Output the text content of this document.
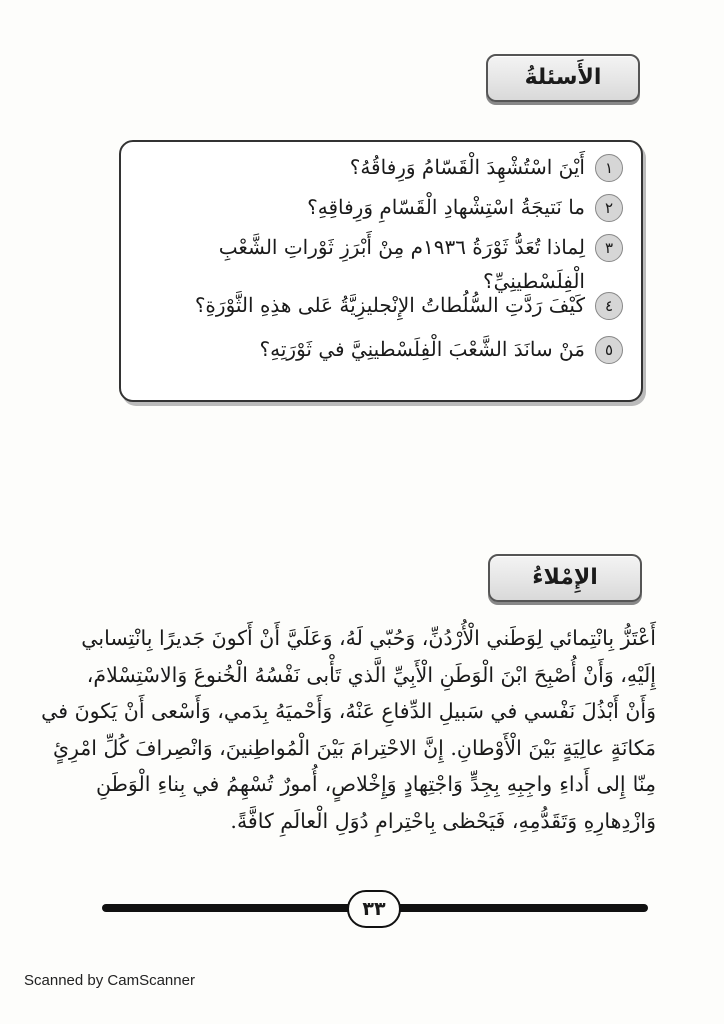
الأَسئلةُ
١
أَيْنَ اسْتُشْهِدَ الْقَسّامُ وَرِفاقُهُ؟
٢
ما نَتيجَةُ اسْتِشْهادِ الْقَسّامِ وَرِفاقِهِ؟
٣
لِماذا تُعَدُّ ثَوْرَةُ ١٩٣٦م مِنْ أَبْرَزِ ثَوْراتِ الشَّعْبِ الْفِلَسْطينِيِّ؟
٤
كَيْفَ رَدَّتِ السُّلُطاتُ الإِنْجليزِيَّةُ عَلى هذِهِ الثَّوْرَةِ؟
٥
مَنْ سانَدَ الشَّعْبَ الْفِلَسْطينِيَّ في ثَوْرَتِهِ؟
الإِمْلاءُ
أَعْتَزُّ بِانْتِمائي لِوَطَني الْأُرْدُنِّ، وَحُبّي لَهُ، وَعَلَيَّ أَنْ أَكونَ جَديرًا بِانْتِسابي
إِلَيْهِ، وَأَنْ أُصْبِحَ ابْنَ الْوَطَنِ الْأَبِيِّ الَّذي تَأْبى نَفْسُهُ الْخُنوعَ وَالاسْتِسْلامَ،
وَأَنْ أَبْذُلَ نَفْسي في سَبيلِ الدِّفاعِ عَنْهُ، وَأَحْميَهُ بِدَمي، وَأَسْعى أَنْ يَكونَ في
مَكانَةٍ عالِيَةٍ بَيْنَ الْأَوْطانِ. إِنَّ الاحْتِرامَ بَيْنَ الْمُواطِنينَ، وَانْصِرافَ كُلِّ امْرِئٍ
مِنّا إِلى أَداءِ واجِبِهِ بِجِدٍّ وَاجْتِهادٍ وَإِخْلاصٍ، أُمورٌ تُسْهِمُ في بِناءِ الْوَطَنِ
وَازْدِهارِهِ وَتَقَدُّمِهِ، فَيَحْظى بِاحْتِرامِ دُوَلِ الْعالَمِ كافَّةً.
٣٣
Scanned by CamScanner
